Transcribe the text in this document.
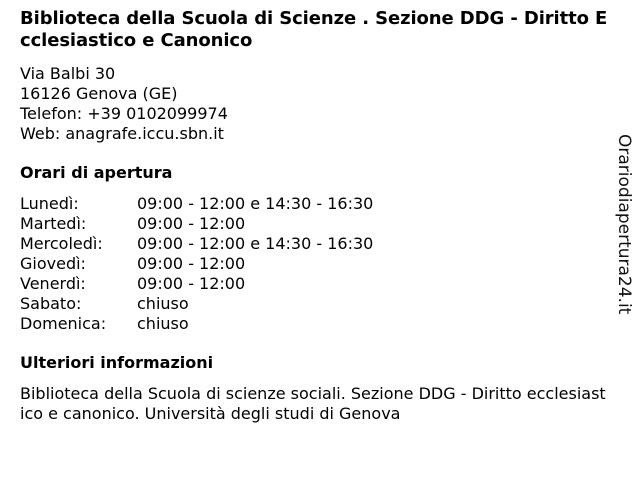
Biblioteca della Scuola di Scienze . Sezione DDG - Diritto Ecclesiastico e Canonico
Via Balbi 30
16126 Genova (GE)
Telefon: +39 0102099974
Web: anagrafe.iccu.sbn.it
Orari di apertura
Lunedì:	09:00 - 12:00 e 14:30 - 16:30
Martedì:	09:00 - 12:00
Mercoledì:	09:00 - 12:00 e 14:30 - 16:30
Giovedì:	09:00 - 12:00
Venerdì:	09:00 - 12:00
Sabato:	chiuso
Domenica:	chiuso
Ulteriori informazioni

Biblioteca della Scuola di scienze sociali. Sezione DDG - Diritto ecclesiastico e canonico. Università degli studi di Genova

Orariodiapertura24.it
